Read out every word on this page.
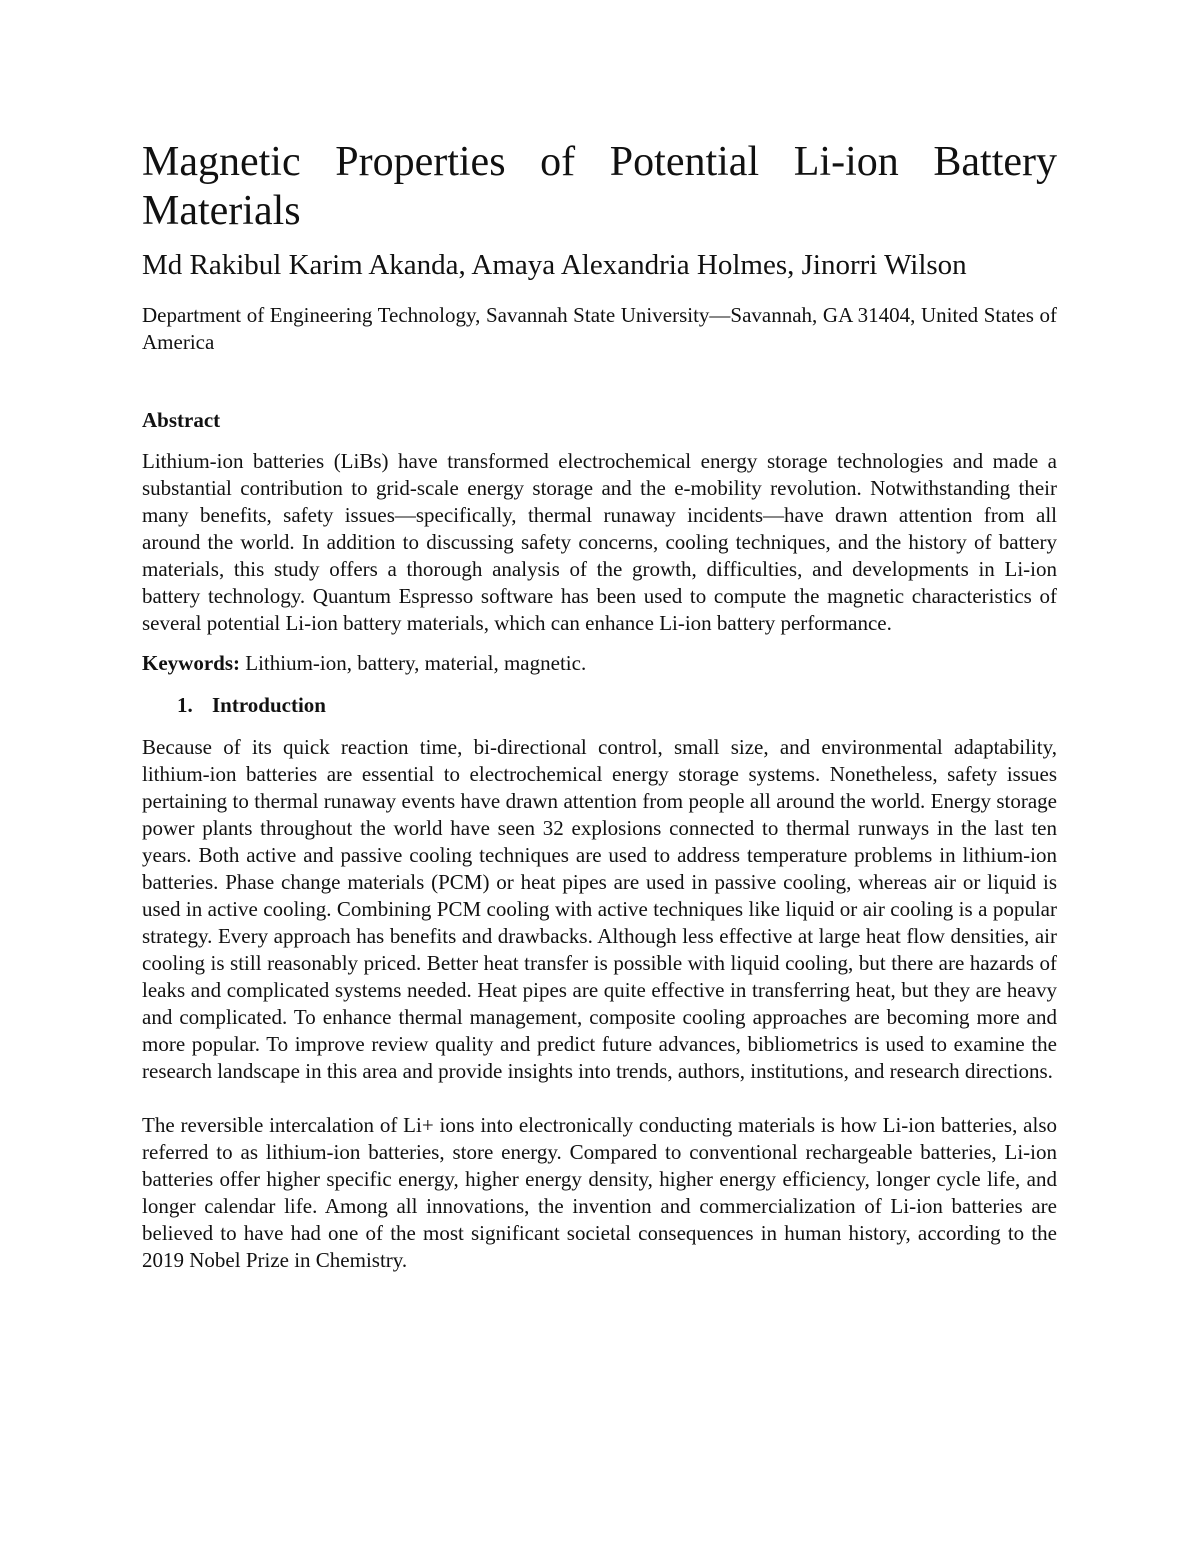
Magnetic Properties of Potential Li-ion Battery Materials
Md Rakibul Karim Akanda, Amaya Alexandria Holmes, Jinorri Wilson

Department of Engineering Technology, Savannah State University—Savannah, GA 31404, United States of America

Abstract

Lithium-ion batteries (LiBs) have transformed electrochemical energy storage technologies and made a substantial contribution to grid-scale energy storage and the e-mobility revolution. Notwithstanding their many benefits, safety issues—specifically, thermal runaway incidents—have drawn attention from all around the world. In addition to discussing safety concerns, cooling techniques, and the history of battery materials, this study offers a thorough analysis of the growth, difficulties, and developments in Li-ion battery technology. Quantum Espresso software has been used to compute the magnetic characteristics of several potential Li-ion battery materials, which can enhance Li-ion battery performance.

Keywords: Lithium-ion, battery, material, magnetic.

1. Introduction

Because of its quick reaction time, bi-directional control, small size, and environmental adaptability, lithium-ion batteries are essential to electrochemical energy storage systems. Nonetheless, safety issues pertaining to thermal runaway events have drawn attention from people all around the world. Energy storage power plants throughout the world have seen 32 explosions connected to thermal runways in the last ten years. Both active and passive cooling techniques are used to address temperature problems in lithium-ion batteries. Phase change materials (PCM) or heat pipes are used in passive cooling, whereas air or liquid is used in active cooling. Combining PCM cooling with active techniques like liquid or air cooling is a popular strategy. Every approach has benefits and drawbacks. Although less effective at large heat flow densities, air cooling is still reasonably priced. Better heat transfer is possible with liquid cooling, but there are hazards of leaks and complicated systems needed. Heat pipes are quite effective in transferring heat, but they are heavy and complicated. To enhance thermal management, composite cooling approaches are becoming more and more popular. To improve review quality and predict future advances, bibliometrics is used to examine the research landscape in this area and provide insights into trends, authors, institutions, and research directions.

The reversible intercalation of Li+ ions into electronically conducting materials is how Li-ion batteries, also referred to as lithium-ion batteries, store energy. Compared to conventional rechargeable batteries, Li-ion batteries offer higher specific energy, higher energy density, higher energy efficiency, longer cycle life, and longer calendar life. Among all innovations, the invention and commercialization of Li-ion batteries are believed to have had one of the most significant societal consequences in human history, according to the 2019 Nobel Prize in Chemistry.
